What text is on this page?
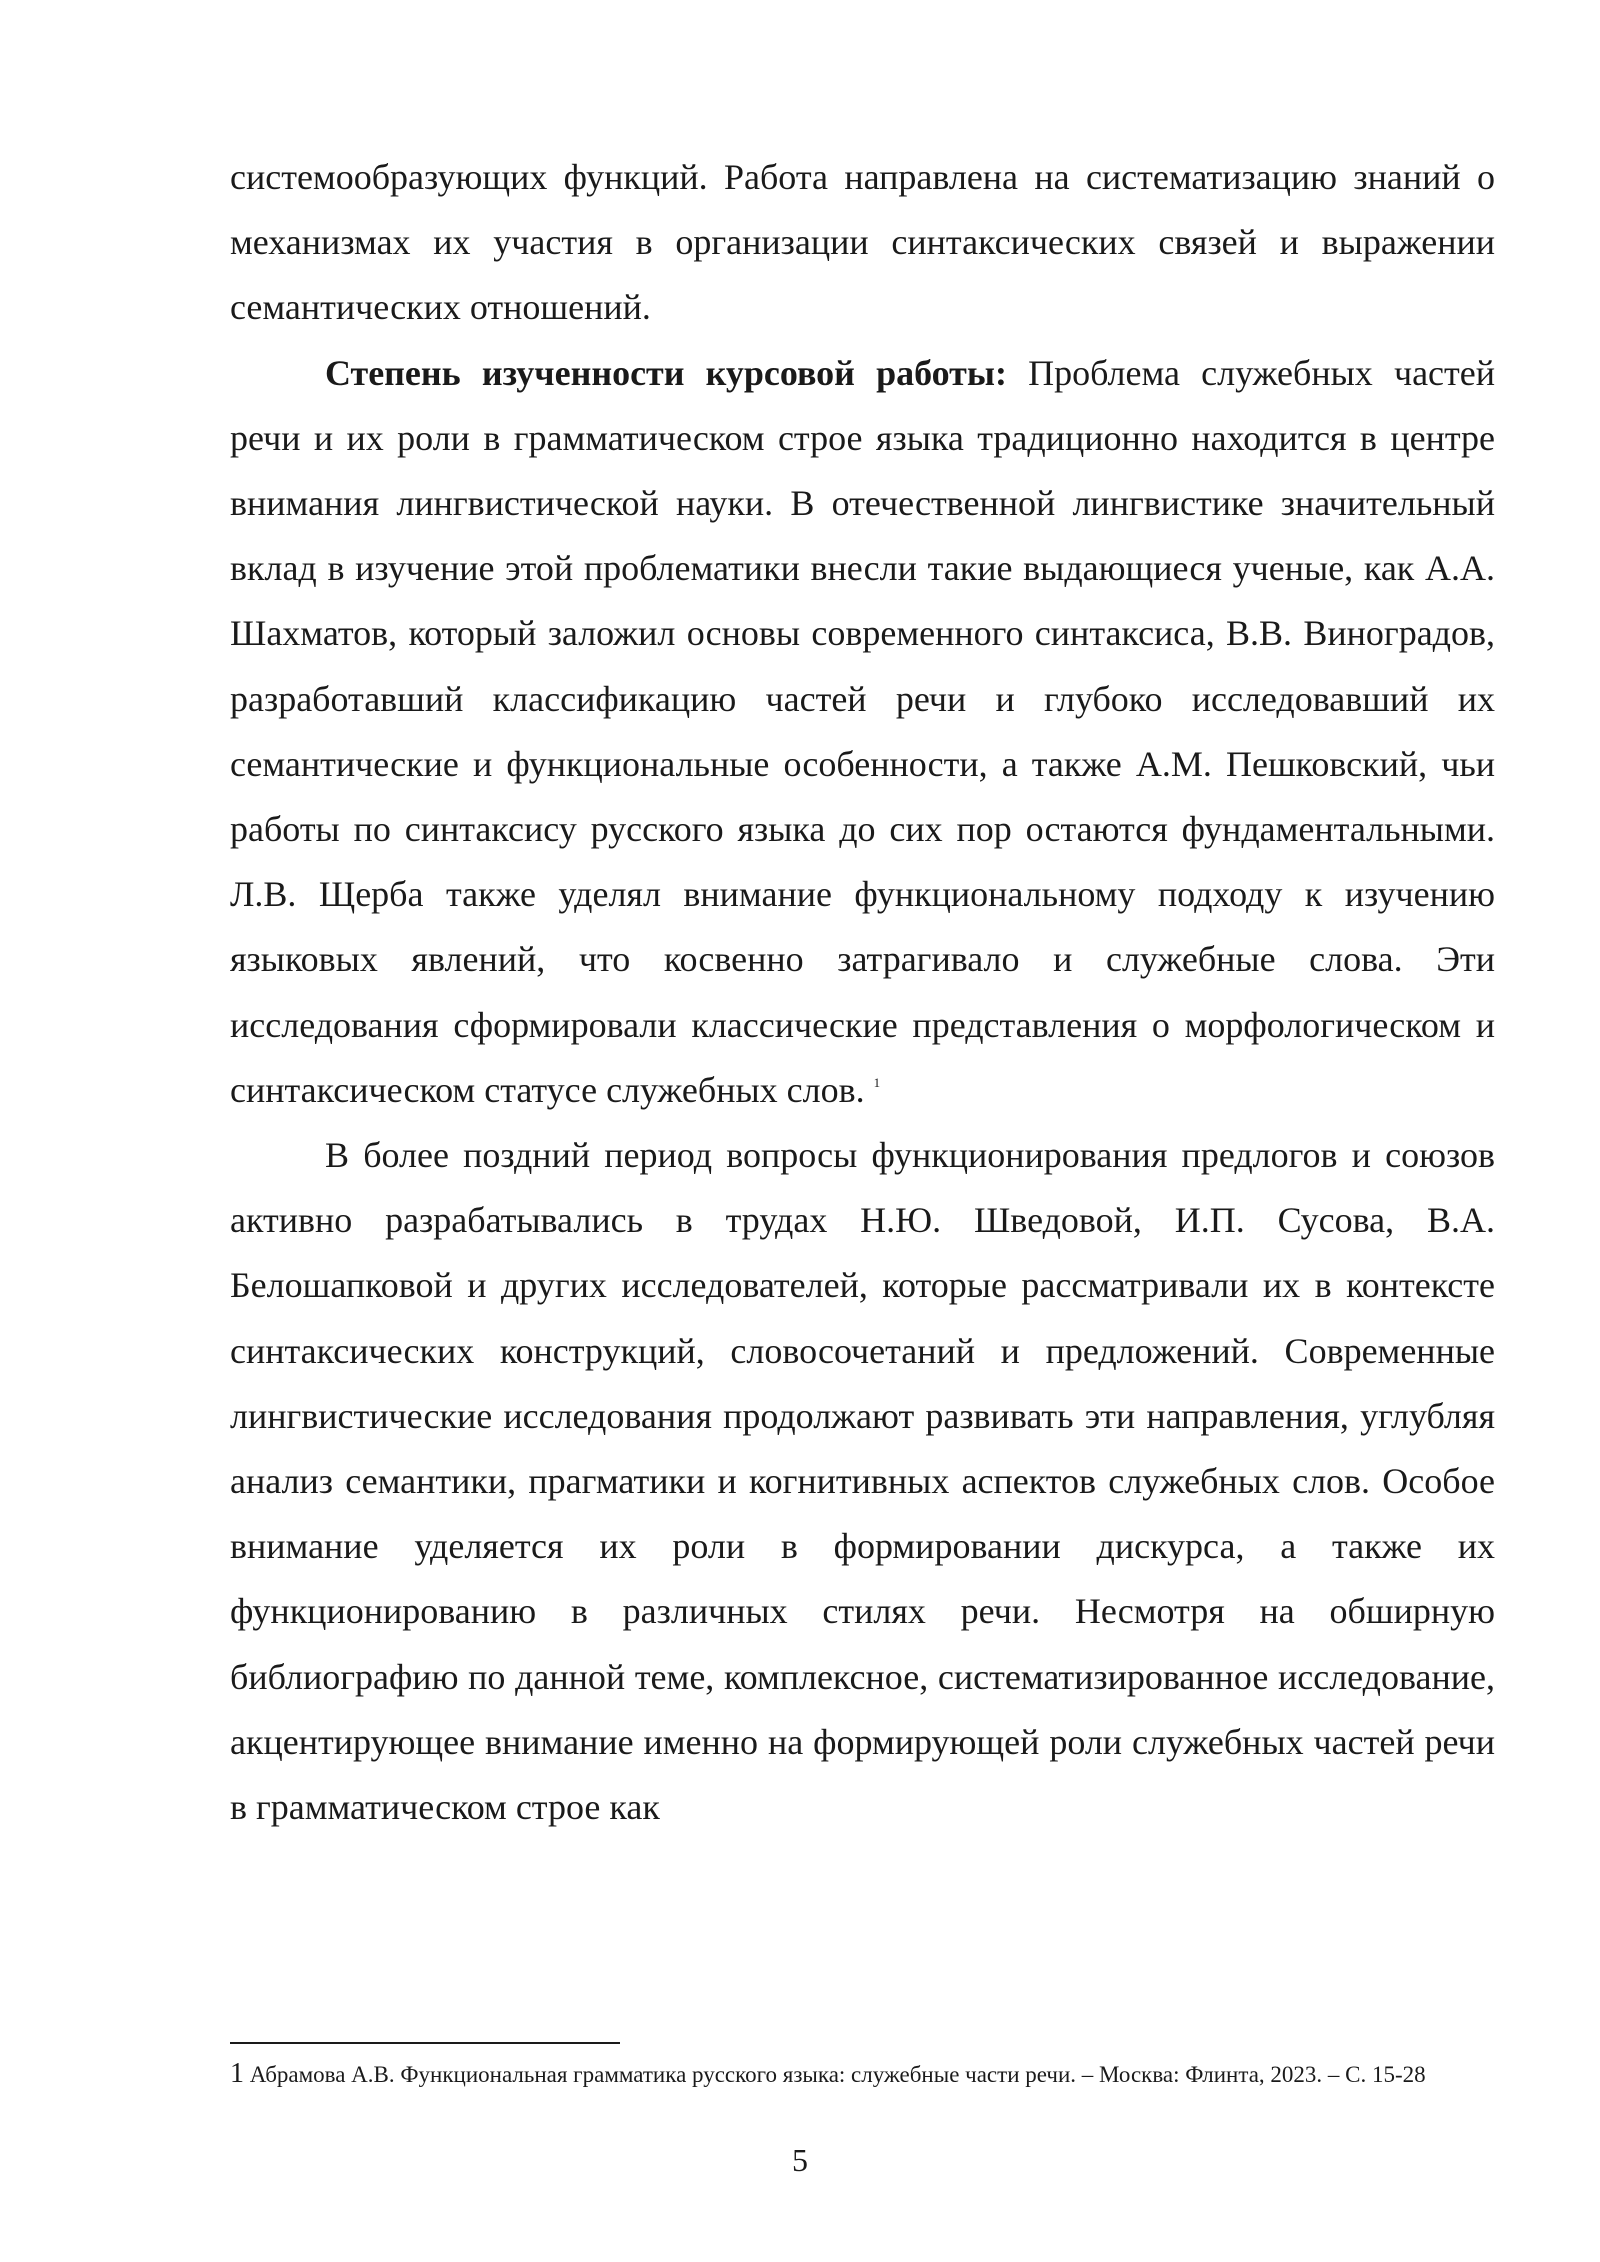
системообразующих функций. Работа направлена на систематизацию знаний о механизмах их участия в организации синтаксических связей и выражении семантических отношений.

Степень изученности курсовой работы: Проблема служебных частей речи и их роли в грамматическом строе языка традиционно находится в центре внимания лингвистической науки. В отечественной лингвистике значительный вклад в изучение этой проблематики внесли такие выдающиеся ученые, как А.А. Шахматов, который заложил основы современного синтаксиса, В.В. Виноградов, разработавший классификацию частей речи и глубоко исследовавший их семантические и функциональные особенности, а также А.М. Пешковский, чьи работы по синтаксису русского языка до сих пор остаются фундаментальными. Л.В. Щерба также уделял внимание функциональному подходу к изучению языковых явлений, что косвенно затрагивало и служебные слова. Эти исследования сформировали классические представления о морфологическом и синтаксическом статусе служебных слов. $^1$

В более поздний период вопросы функционирования предлогов и союзов активно разрабатывались в трудах Н.Ю. Шведовой, И.П. Сусова, В.А. Белошапковой и других исследователей, которые рассматривали их в контексте синтаксических конструкций, словосочетаний и предложений. Современные лингвистические исследования продолжают развивать эти направления, углубляя анализ семантики, прагматики и когнитивных аспектов служебных слов. Особое внимание уделяется их роли в формировании дискурса, а также их функционированию в различных стилях речи. Несмотря на обширную библиографию по данной теме, комплексное, систематизированное исследование, акцентирующее внимание именно на формирующей роли служебных частей речи в грамматическом строе как

1 Абрамова А.В. Функциональная грамматика русского языка: служебные части речи. – Москва: Флинта, 2023. – С. 15-28
5
